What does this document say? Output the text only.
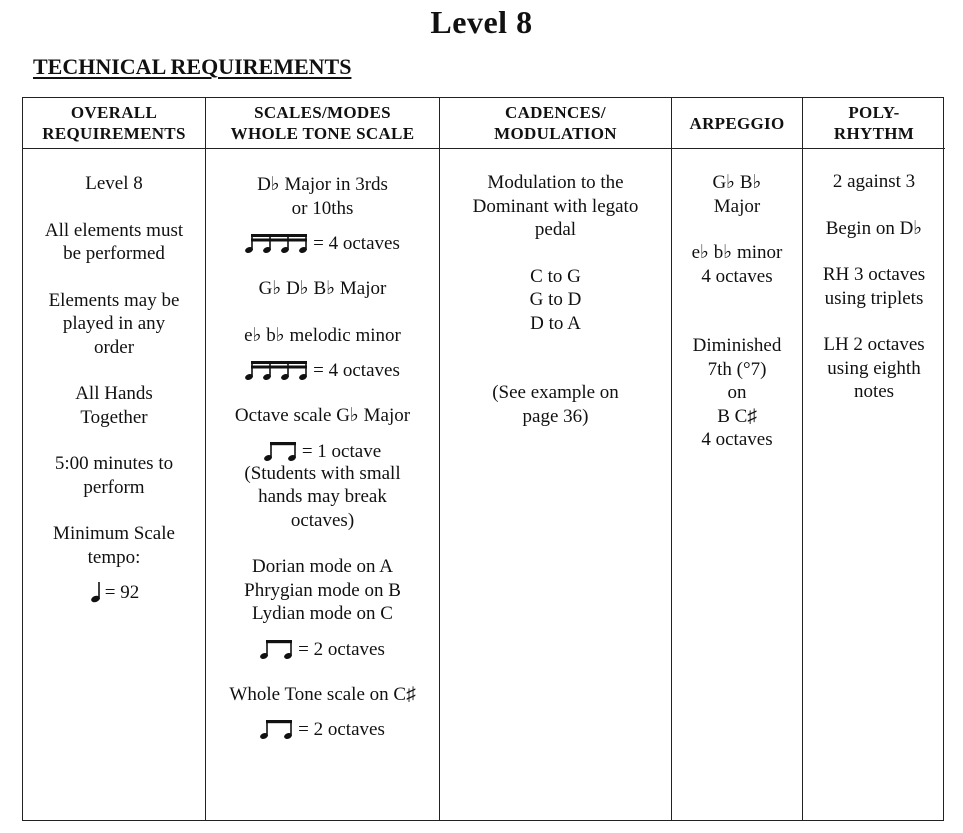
Level 8
TECHNICAL REQUIREMENTS
OVERALL
REQUIREMENTS
Level 8
All elements must
be performed
Elements may be
played in any
order
All Hands
Together
5:00 minutes to
perform
Minimum Scale
tempo:
= 92
SCALES/MODES
WHOLE TONE SCALE
D♭ Major in 3rds
or 10ths
= 4 octaves
G♭ D♭ B♭ Major
e♭ b♭ melodic minor
= 4 octaves
Octave scale G♭ Major
= 1 octave
(Students with small
hands may break
octaves)
Dorian mode on A
Phrygian mode on B
Lydian mode on C
= 2 octaves
Whole Tone scale on C♯
= 2 octaves
CADENCES/
MODULATION
Modulation to the
Dominant with legato
pedal
C to G
G to D
D to A
(See example on
page 36)
ARPEGGIO
G♭ B♭
Major
e♭ b♭ minor
4 octaves
Diminished
7th (°7)
on
B C♯
4 octaves
POLY-
RHYTHM
2 against 3
Begin on D♭
RH 3 octaves
using triplets
LH 2 octaves
using eighth
notes
